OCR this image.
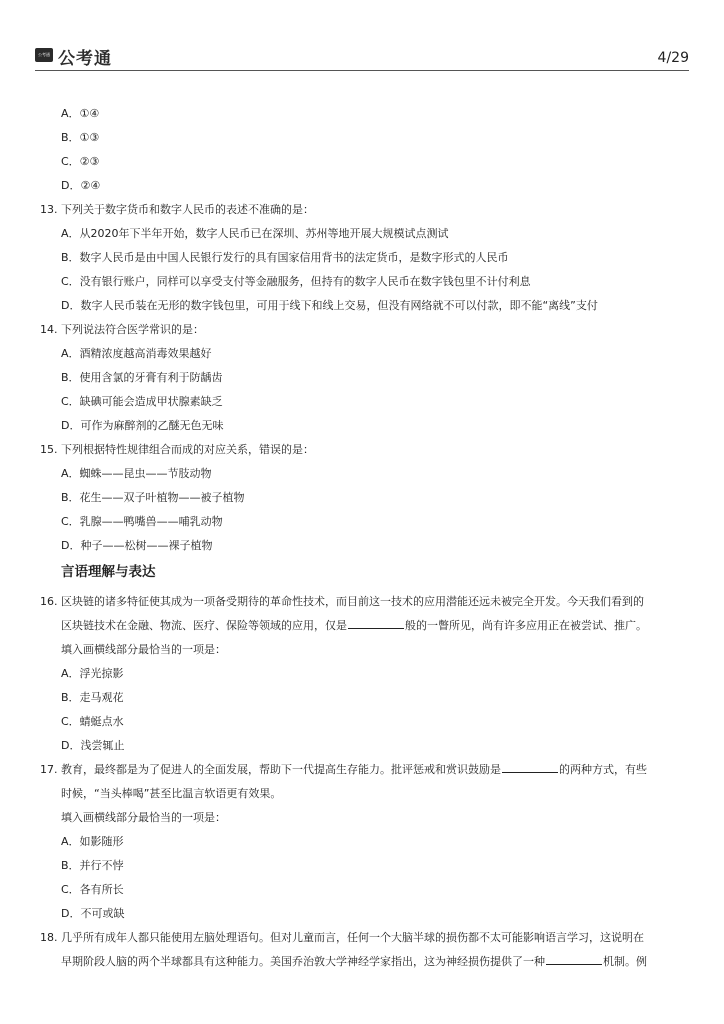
公考通 公考通	4/29
A．①④
B．①③
C．②③
D．②④
13. 下列关于数字货币和数字人民币的表述不准确的是：
A．从2020年下半年开始，数字人民币已在深圳、苏州等地开展大规模试点测试
B．数字人民币是由中国人民银行发行的具有国家信用背书的法定货币，是数字形式的人民币
C．没有银行账户，同样可以享受支付等金融服务，但持有的数字人民币在数字钱包里不计付利息
D．数字人民币装在无形的数字钱包里，可用于线下和线上交易，但没有网络就不可以付款，即不能“离线”支付
14. 下列说法符合医学常识的是：
A．酒精浓度越高消毒效果越好
B．使用含氯的牙膏有利于防龋齿
C．缺碘可能会造成甲状腺素缺乏
D．可作为麻醉剂的乙醚无色无味
15. 下列根据特性规律组合而成的对应关系，错误的是：
A．蜘蛛——昆虫——节肢动物
B．花生——双子叶植物——被子植物
C．乳腺——鸭嘴兽——哺乳动物
D．种子——松树——裸子植物
言语理解与表达
16. 区块链的诸多特征使其成为一项备受期待的革命性技术，而目前这一技术的应用潜能还远未被完全开发。今天我们看到的
区块链技术在金融、物流、医疗、保险等领域的应用，仅是	般的一瞥所见，尚有许多应用正在被尝试、推广。
填入画横线部分最恰当的一项是：
A．浮光掠影
B．走马观花
C．蜻蜓点水
D．浅尝辄止
17. 教育，最终都是为了促进人的全面发展，帮助下一代提高生存能力。批评惩戒和赏识鼓励是	的两种方式，有些
时候，“当头棒喝”甚至比温言软语更有效果。
填入画横线部分最恰当的一项是：
A．如影随形
B．并行不悖
C．各有所长
D．不可或缺
18. 几乎所有成年人都只能使用左脑处理语句。但对儿童而言，任何一个大脑半球的损伤都不太可能影响语言学习，这说明在
早期阶段人脑的两个半球都具有这种能力。美国乔治敦大学神经学家指出，这为神经损伤提供了一种	机制。例
